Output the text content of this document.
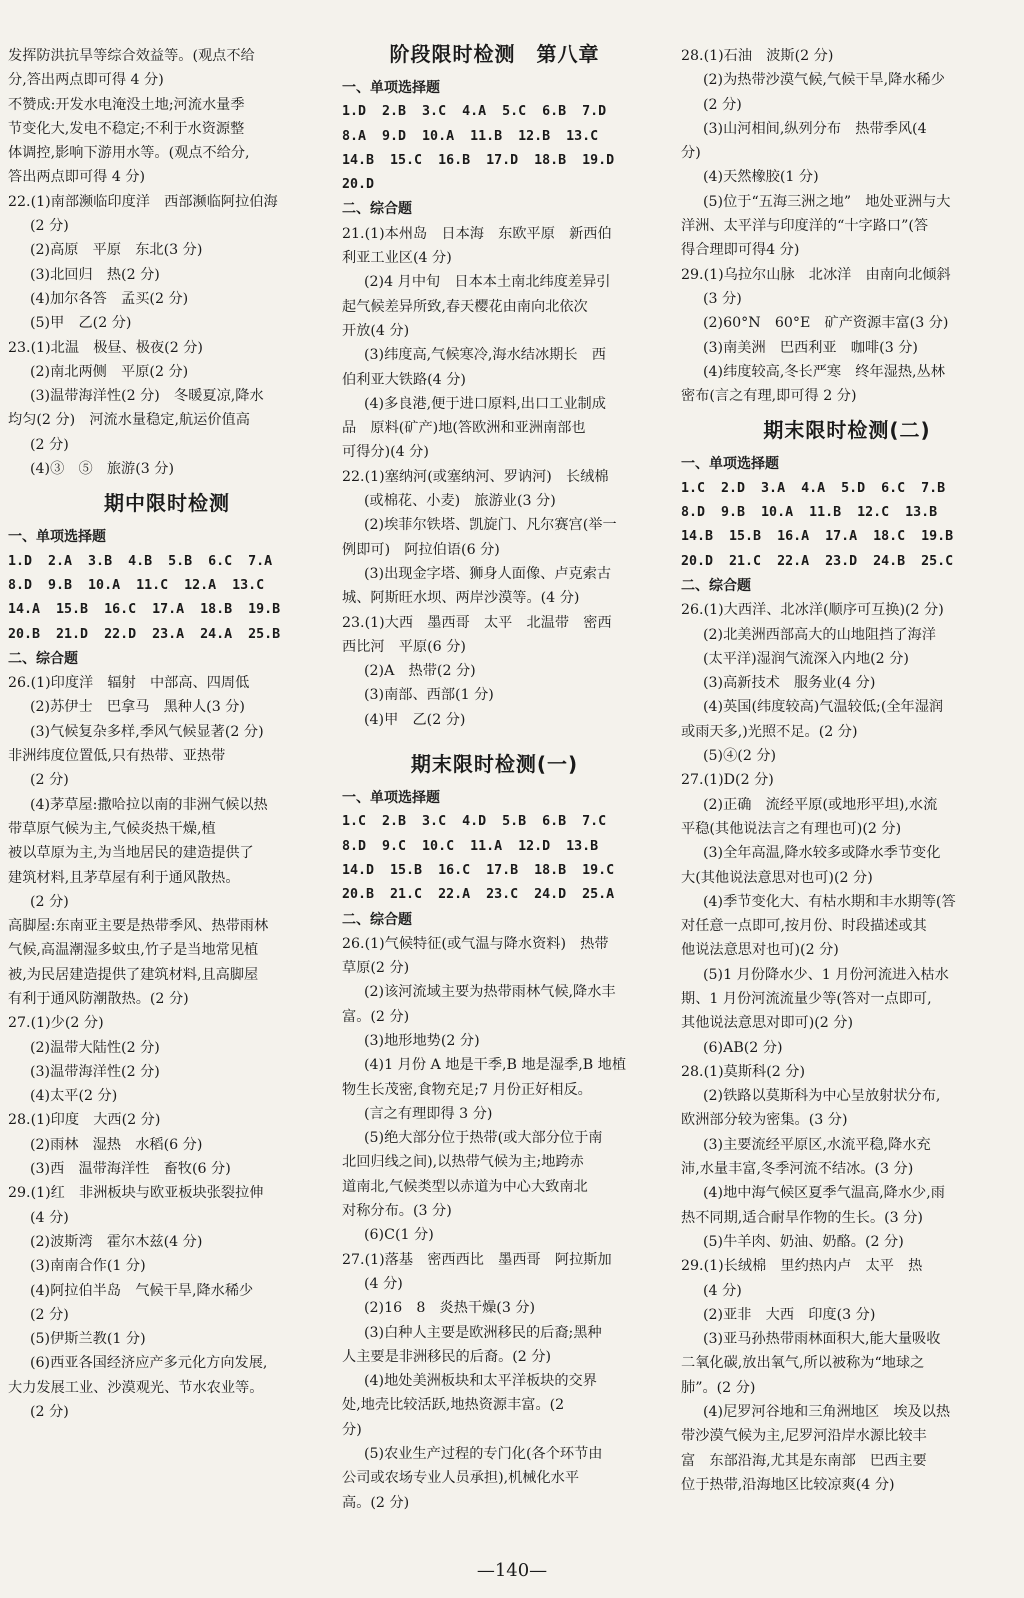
发挥防洪抗旱等综合效益等。(观点不给
分,答出两点即可得 4 分)
不赞成:开发水电淹没土地;河流水量季
节变化大,发电不稳定;不利于水资源整
体调控,影响下游用水等。(观点不给分,
答出两点即可得 4 分)
22.(1)南部濒临印度洋　西部濒临阿拉伯海
(2 分)
(2)高原　平原　东北(3 分)
(3)北回归　热(2 分)
(4)加尔各答　孟买(2 分)
(5)甲　乙(2 分)
23.(1)北温　极昼、极夜(2 分)
(2)南北两侧　平原(2 分)
(3)温带海洋性(2 分)　冬暖夏凉,降水
均匀(2 分)　河流水量稳定,航运价值高
(2 分)
(4)③　⑤　旅游(3 分)
期中限时检测
一、单项选择题
1.D  2.A  3.B  4.B  5.B  6.C  7.A
8.D  9.B  10.A  11.C  12.A  13.C
14.A  15.B  16.C  17.A  18.B  19.B
20.B  21.D  22.D  23.A  24.A  25.B
二、综合题
26.(1)印度洋　辐射　中部高、四周低
(2)苏伊士　巴拿马　黑种人(3 分)
(3)气候复杂多样,季风气候显著(2 分)
非洲纬度位置低,只有热带、亚热带
(2 分)
(4)茅草屋:撒哈拉以南的非洲气候以热
带草原气候为主,气候炎热干燥,植
被以草原为主,为当地居民的建造提供了
建筑材料,且茅草屋有利于通风散热。
(2 分)
高脚屋:东南亚主要是热带季风、热带雨林
气候,高温潮湿多蚊虫,竹子是当地常见植
被,为民居建造提供了建筑材料,且高脚屋
有利于通风防潮散热。(2 分)
27.(1)少(2 分)
(2)温带大陆性(2 分)
(3)温带海洋性(2 分)
(4)太平(2 分)
28.(1)印度　大西(2 分)
(2)雨林　湿热　水稻(6 分)
(3)西　温带海洋性　畜牧(6 分)
29.(1)红　非洲板块与欧亚板块张裂拉伸
(4 分)
(2)波斯湾　霍尔木兹(4 分)
(3)南南合作(1 分)
(4)阿拉伯半岛　气候干旱,降水稀少
(2 分)
(5)伊斯兰教(1 分)
(6)西亚各国经济应产多元化方向发展,
大力发展工业、沙漠观光、节水农业等。
(2 分)
阶段限时检测　第八章
一、单项选择题
1.D  2.B  3.C  4.A  5.C  6.B  7.D
8.A  9.D  10.A  11.B  12.B  13.C
14.B  15.C  16.B  17.D  18.B  19.D
20.D
二、综合题
21.(1)本州岛　日本海　东欧平原　新西伯
利亚工业区(4 分)
(2)4 月中旬　日本本土南北纬度差异引
起气候差异所致,春天樱花由南向北依次
开放(4 分)
(3)纬度高,气候寒冷,海水结冰期长　西
伯利亚大铁路(4 分)
(4)多良港,便于进口原料,出口工业制成
品　原料(矿产)地(答欧洲和亚洲南部也
可得分)(4 分)
22.(1)塞纳河(或塞纳河、罗讷河)　长绒棉
(或棉花、小麦)　旅游业(3 分)
(2)埃菲尔铁塔、凯旋门、凡尔赛宫(举一
例即可)　阿拉伯语(6 分)
(3)出现金字塔、狮身人面像、卢克索古
城、阿斯旺水坝、两岸沙漠等。(4 分)
23.(1)大西　墨西哥　太平　北温带　密西
西比河　平原(6 分)
(2)A　热带(2 分)
(3)南部、西部(1 分)
(4)甲　乙(2 分)
期末限时检测(一)
一、单项选择题
1.C  2.B  3.C  4.D  5.B  6.B  7.C
8.D  9.C  10.C  11.A  12.D  13.B
14.D  15.B  16.C  17.B  18.B  19.C
20.B  21.C  22.A  23.C  24.D  25.A
二、综合题
26.(1)气候特征(或气温与降水资料)　热带
草原(2 分)
(2)该河流域主要为热带雨林气候,降水丰
富。(2 分)
(3)地形地势(2 分)
(4)1 月份 A 地是干季,B 地是湿季,B 地植
物生长茂密,食物充足;7 月份正好相反。
(言之有理即得 3 分)
(5)绝大部分位于热带(或大部分位于南
北回归线之间),以热带气候为主;地跨赤
道南北,气候类型以赤道为中心大致南北
对称分布。(3 分)
(6)C(1 分)
27.(1)落基　密西西比　墨西哥　阿拉斯加
(4 分)
(2)16　8　炎热干燥(3 分)
(3)白种人主要是欧洲移民的后裔;黑种
人主要是非洲移民的后裔。(2 分)
(4)地处美洲板块和太平洋板块的交界
处,地壳比较活跃,地热资源丰富。(2
分)
(5)农业生产过程的专门化(各个环节由
公司或农场专业人员承担),机械化水平
高。(2 分)
28.(1)石油　波斯(2 分)
(2)为热带沙漠气候,气候干旱,降水稀少
(2 分)
(3)山河相间,纵列分布　热带季风(4
分)
(4)天然橡胶(1 分)
(5)位于“五海三洲之地”　地处亚洲与大
洋洲、太平洋与印度洋的“十字路口”(答
得合理即可得4 分)
29.(1)乌拉尔山脉　北冰洋　由南向北倾斜
(3 分)
(2)60°N　60°E　矿产资源丰富(3 分)
(3)南美洲　巴西利亚　咖啡(3 分)
(4)纬度较高,冬长严寒　终年湿热,丛林
密布(言之有理,即可得 2 分)
期末限时检测(二)
一、单项选择题
1.C  2.D  3.A  4.A  5.D  6.C  7.B
8.D  9.B  10.A  11.B  12.C  13.B
14.B  15.B  16.A  17.A  18.C  19.B
20.D  21.C  22.A  23.D  24.B  25.C
二、综合题
26.(1)大西洋、北冰洋(顺序可互换)(2 分)
(2)北美洲西部高大的山地阻挡了海洋
(太平洋)湿润气流深入内地(2 分)
(3)高新技术　服务业(4 分)
(4)英国(纬度较高)气温较低;(全年湿润
或雨天多,)光照不足。(2 分)
(5)④(2 分)
27.(1)D(2 分)
(2)正确　流经平原(或地形平坦),水流
平稳(其他说法言之有理也可)(2 分)
(3)全年高温,降水较多或降水季节变化
大(其他说法意思对也可)(2 分)
(4)季节变化大、有枯水期和丰水期等(答
对任意一点即可,按月份、时段描述或其
他说法意思对也可)(2 分)
(5)1 月份降水少、1 月份河流进入枯水
期、1 月份河流流量少等(答对一点即可,
其他说法意思对即可)(2 分)
(6)AB(2 分)
28.(1)莫斯科(2 分)
(2)铁路以莫斯科为中心呈放射状分布,
欧洲部分较为密集。(3 分)
(3)主要流经平原区,水流平稳,降水充
沛,水量丰富,冬季河流不结冰。(3 分)
(4)地中海气候区夏季气温高,降水少,雨
热不同期,适合耐旱作物的生长。(3 分)
(5)牛羊肉、奶油、奶酪。(2 分)
29.(1)长绒棉　里约热内卢　太平　热
(4 分)
(2)亚非　大西　印度(3 分)
(3)亚马孙热带雨林面积大,能大量吸收
二氧化碳,放出氧气,所以被称为“地球之
肺”。(2 分)
(4)尼罗河谷地和三角洲地区　埃及以热
带沙漠气候为主,尼罗河沿岸水源比较丰
富　东部沿海,尤其是东南部　巴西主要
位于热带,沿海地区比较凉爽(4 分)
—140—
